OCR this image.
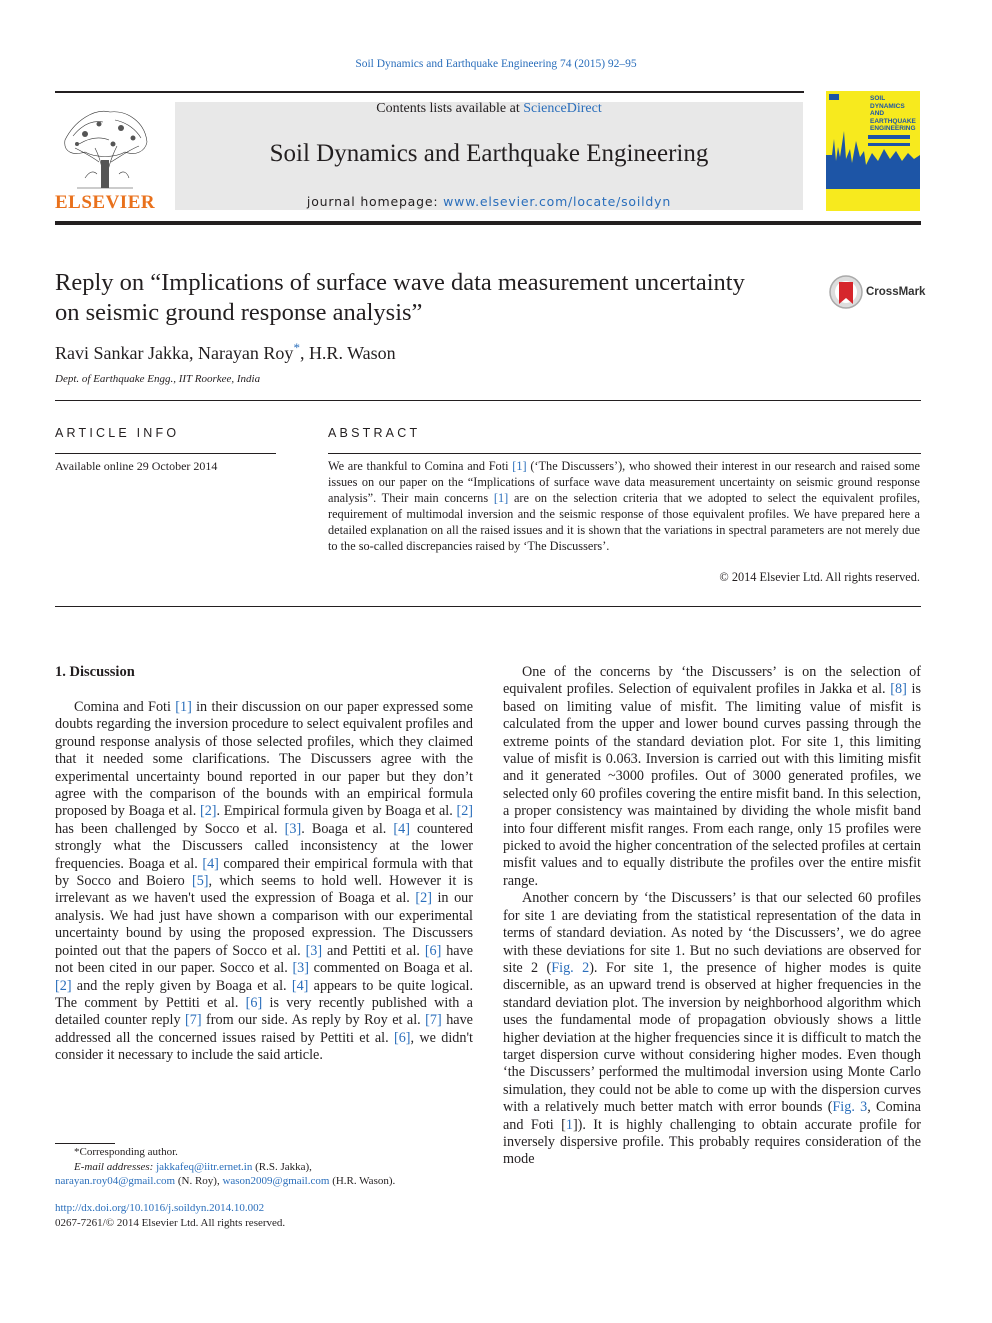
Soil Dynamics and Earthquake Engineering 74 (2015) 92–95
ELSEVIER
Contents lists available at ScienceDirect
Soil Dynamics and Earthquake Engineering
journal homepage: www.elsevier.com/locate/soildyn
SOIL
DYNAMICS
AND
EARTHQUAKE
ENGINEERING
Reply on “Implications of surface wave data measurement uncertainty
on seismic ground response analysis”
CrossMark
Ravi Sankar Jakka, Narayan Roy*, H.R. Wason
Dept. of Earthquake Engg., IIT Roorkee, India
ARTICLE INFO
Available online 29 October 2014
ABSTRACT
We are thankful to Comina and Foti [1] (‘The Discussers’), who showed their interest in our research and raised some issues on our paper on the “Implications of surface wave data measurement uncertainty on seismic ground response analysis”. Their main concerns [1] are on the selection criteria that we adopted to select the equivalent profiles, requirement of multimodal inversion and the seismic response of those equivalent profiles. We have prepared here a detailed explanation on all the raised issues and it is shown that the variations in spectral parameters are not merely due to the so-called discrepancies raised by ‘The Discussers’.
© 2014 Elsevier Ltd. All rights reserved.
1. Discussion

Comina and Foti [1] in their discussion on our paper expressed some doubts regarding the inversion procedure to select equivalent profiles and ground response analysis of those selected profiles, which they claimed that it needed some clarifications. The Discussers agree with the experimental uncertainty bound reported in our paper but they don’t agree with the comparison of the bounds with an empirical formula proposed by Boaga et al. [2]. Empirical formula given by Boaga et al. [2] has been challenged by Socco et al. [3]. Boaga et al. [4] countered strongly what the Discussers called inconsistency at the lower frequencies. Boaga et al. [4] compared their empirical formula with that by Socco and Boiero [5], which seems to hold well. However it is irrelevant as we haven't used the expression of Boaga et al. [2] in our analysis. We had just have shown a comparison with our experimental uncertainty bound by using the proposed expression. The Discussers pointed out that the papers of Socco et al. [3] and Pettiti et al. [6] have not been cited in our paper. Socco et al. [3] commented on Boaga et al. [2] and the reply given by Boaga et al. [4] appears to be quite logical. The comment by Pettiti et al. [6] is very recently published with a detailed counter reply [7] from our side. As reply by Roy et al. [7] have addressed all the concerned issues raised by Pettiti et al. [6], we didn't consider it necessary to include the said article.

One of the concerns by ‘the Discussers’ is on the selection of equivalent profiles. Selection of equivalent profiles in Jakka et al. [8] is based on limiting value of misfit. The limiting value of misfit is calculated from the upper and lower bound curves passing through the extreme points of the standard deviation plot. For site 1, this limiting value of misfit is 0.063. Inversion is carried out with this limiting misfit and it generated ~3000 profiles. Out of 3000 generated profiles, we selected only 60 profiles covering the entire misfit band. In this selection, a proper consistency was maintained by dividing the whole misfit band into four different misfit ranges. From each range, only 15 profiles were picked to avoid the higher concentration of the selected profiles at certain misfit values and to equally distribute the profiles over the entire misfit range.

Another concern by ‘the Discussers’ is that our selected 60 profiles for site 1 are deviating from the statistical representation of the data in terms of standard deviation. As noted by ‘the Discussers’, we do agree with these deviations for site 1. But no such deviations are observed for site 2 (Fig. 2). For site 1, the presence of higher modes is quite discernible, as an upward trend is observed at higher frequencies in the standard deviation plot. The inversion by neighborhood algorithm which uses the fundamental mode of propagation obviously shows a little higher deviation at the higher frequencies since it is difficult to match the target dispersion curve without considering higher modes. Even though ‘the Discussers’ performed the multimodal inversion using Monte Carlo simulation, they could not be able to come up with the dispersion curves with a relatively much better match with error bounds (Fig. 3, Comina and Foti [1]). It is highly challenging to obtain accurate profile for inversely dispersive profile. This probably requires consideration of the mode

*Corresponding author.
E-mail addresses: jakkafeq@iitr.ernet.in (R.S. Jakka),
narayan.roy04@gmail.com (N. Roy), wason2009@gmail.com (H.R. Wason).
http://dx.doi.org/10.1016/j.soildyn.2014.10.002
0267-7261/© 2014 Elsevier Ltd. All rights reserved.
